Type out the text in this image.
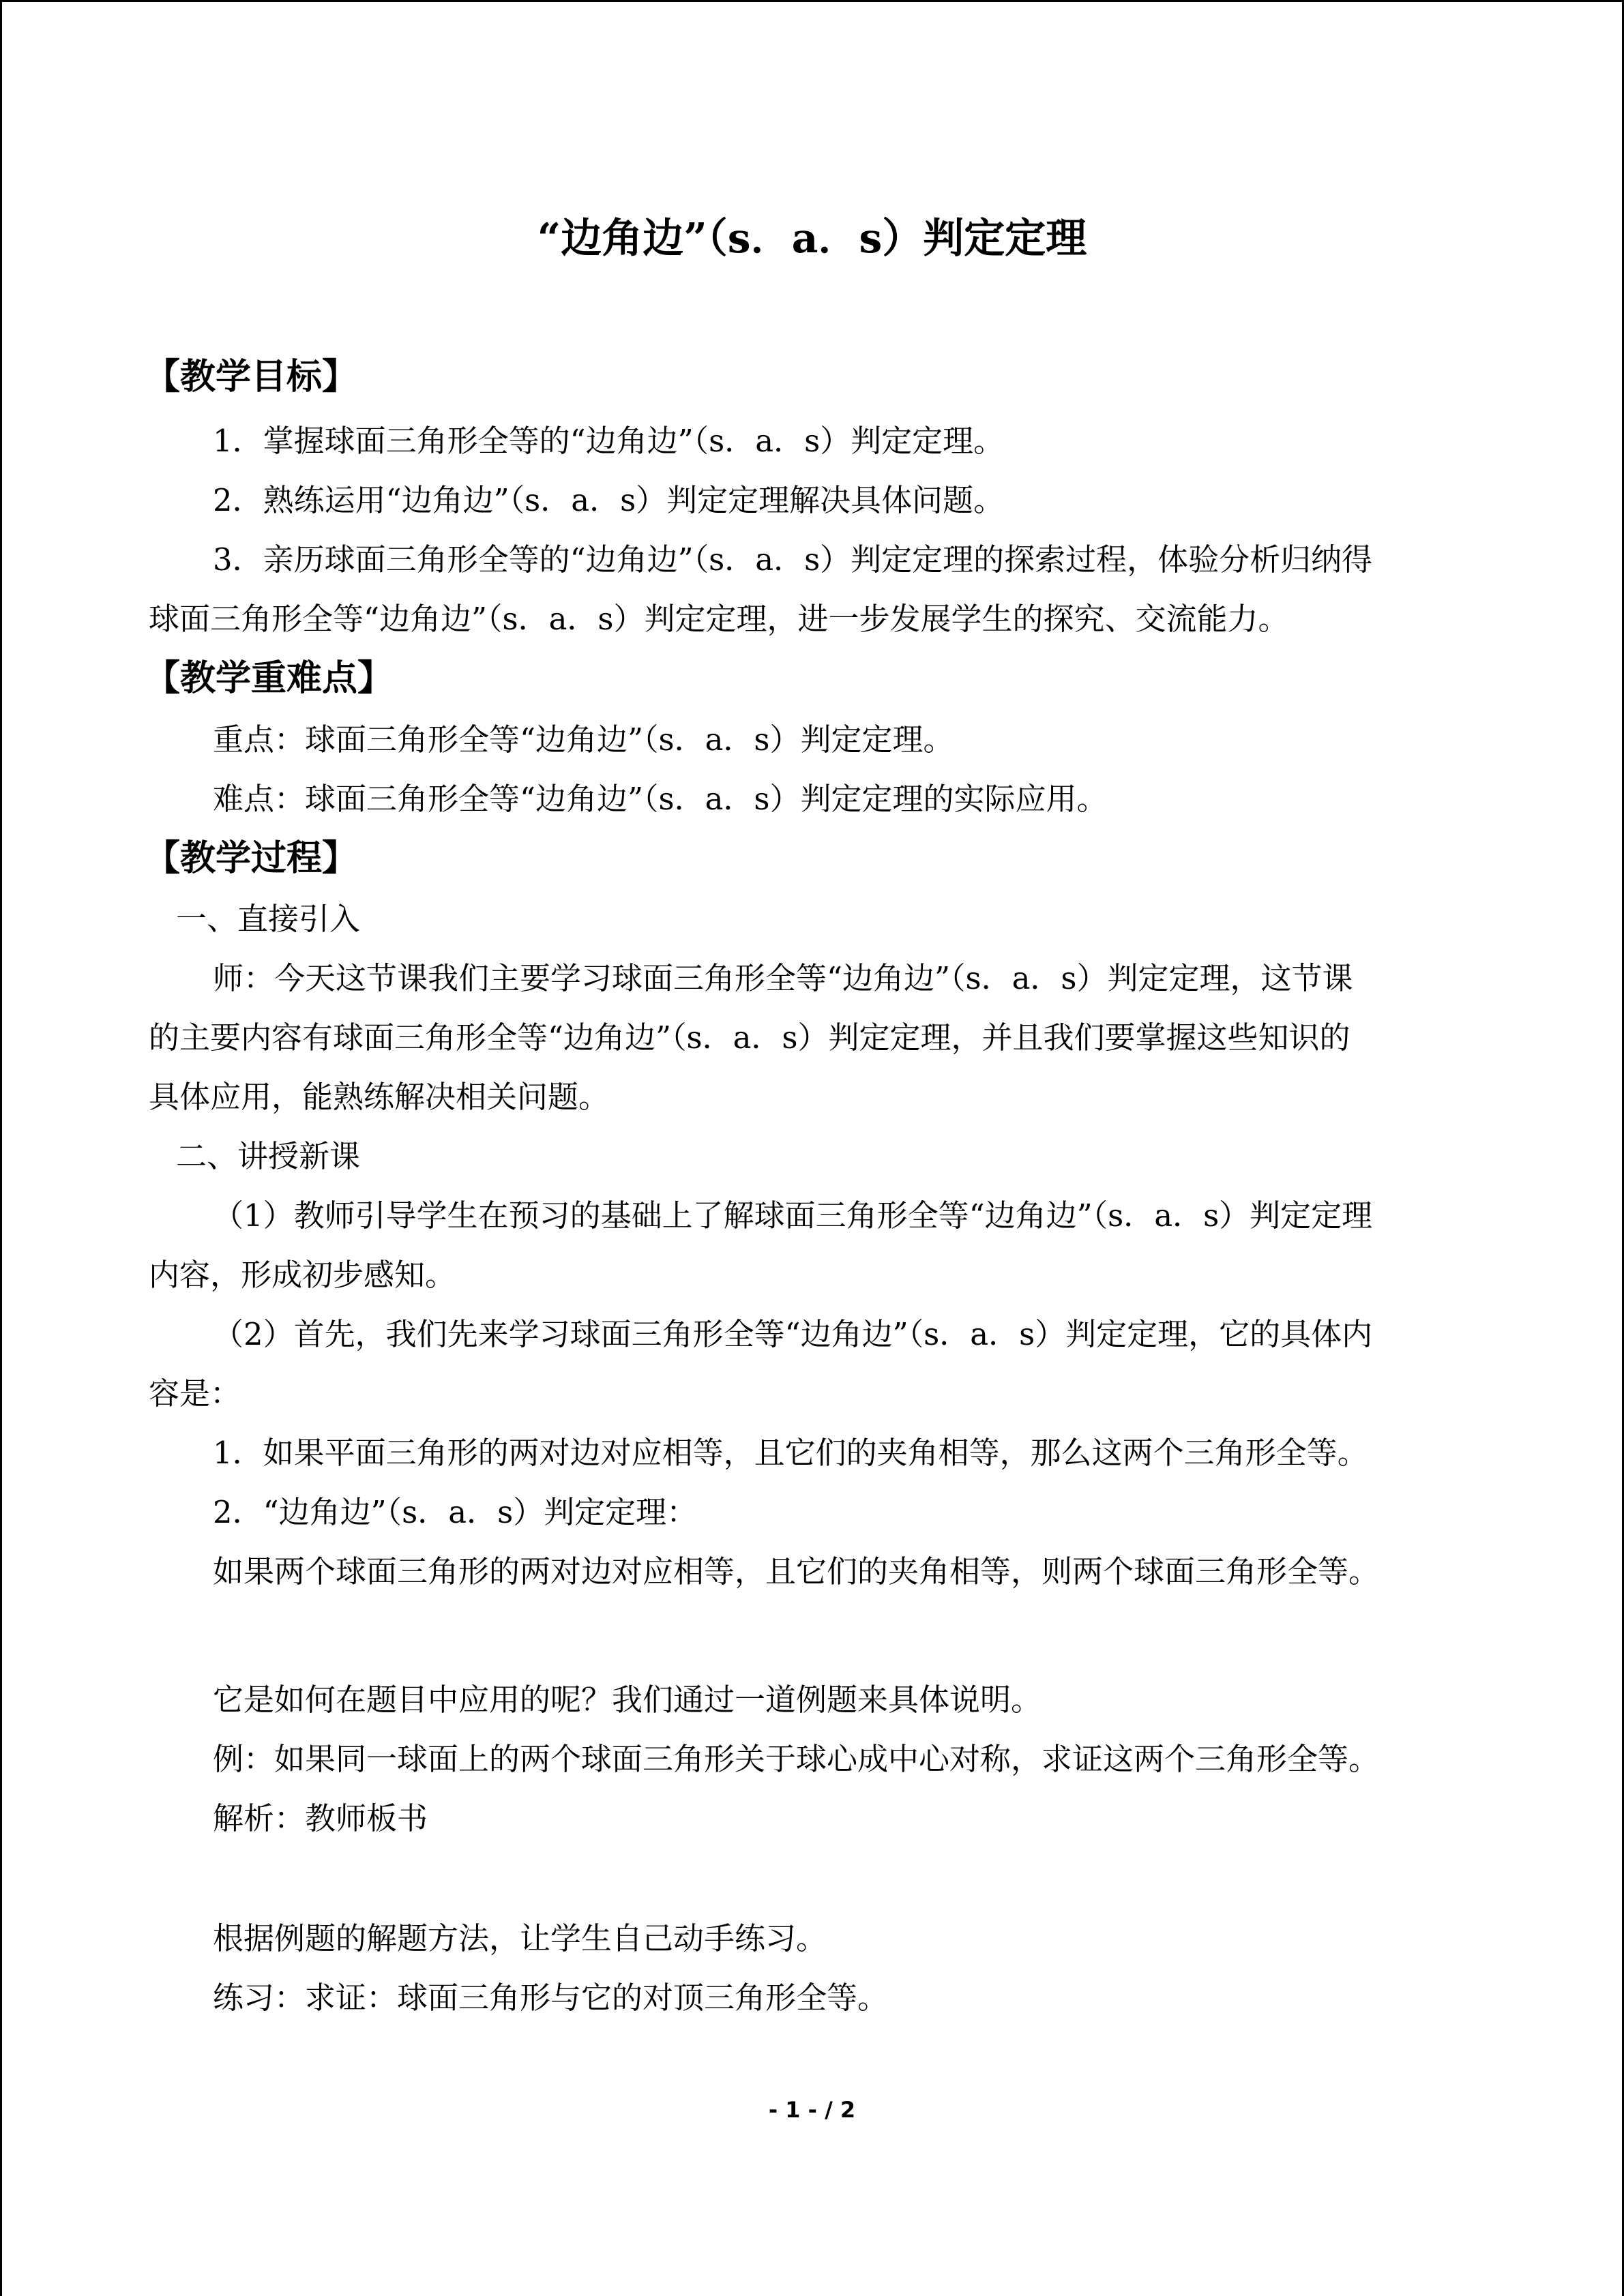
“边角边”（s．a．s）判定定理
【教学目标】
1．掌握球面三角形全等的“边角边”（s．a．s）判定定理。
2．熟练运用“边角边”（s．a．s）判定定理解决具体问题。
3．亲历球面三角形全等的“边角边”（s．a．s）判定定理的探索过程，体验分析归纳得
球面三角形全等“边角边”（s．a．s）判定定理，进一步发展学生的探究、交流能力。
【教学重难点】
重点：球面三角形全等“边角边”（s．a．s）判定定理。
难点：球面三角形全等“边角边”（s．a．s）判定定理的实际应用。
【教学过程】
一、直接引入
师：今天这节课我们主要学习球面三角形全等“边角边”（s．a．s）判定定理，这节课
的主要内容有球面三角形全等“边角边”（s．a．s）判定定理，并且我们要掌握这些知识的
具体应用，能熟练解决相关问题。
二、讲授新课
（1）教师引导学生在预习的基础上了解球面三角形全等“边角边”（s．a．s）判定定理
内容，形成初步感知。
（2）首先，我们先来学习球面三角形全等“边角边”（s．a．s）判定定理，它的具体内
容是：
1．如果平面三角形的两对边对应相等，且它们的夹角相等，那么这两个三角形全等。
2．“边角边”（s．a．s）判定定理：
如果两个球面三角形的两对边对应相等，且它们的夹角相等，则两个球面三角形全等。
它是如何在题目中应用的呢？我们通过一道例题来具体说明。
例：如果同一球面上的两个球面三角形关于球心成中心对称，求证这两个三角形全等。
解析：教师板书
根据例题的解题方法，让学生自己动手练习。
练习：求证：球面三角形与它的对顶三角形全等。
- 1 - / 2
